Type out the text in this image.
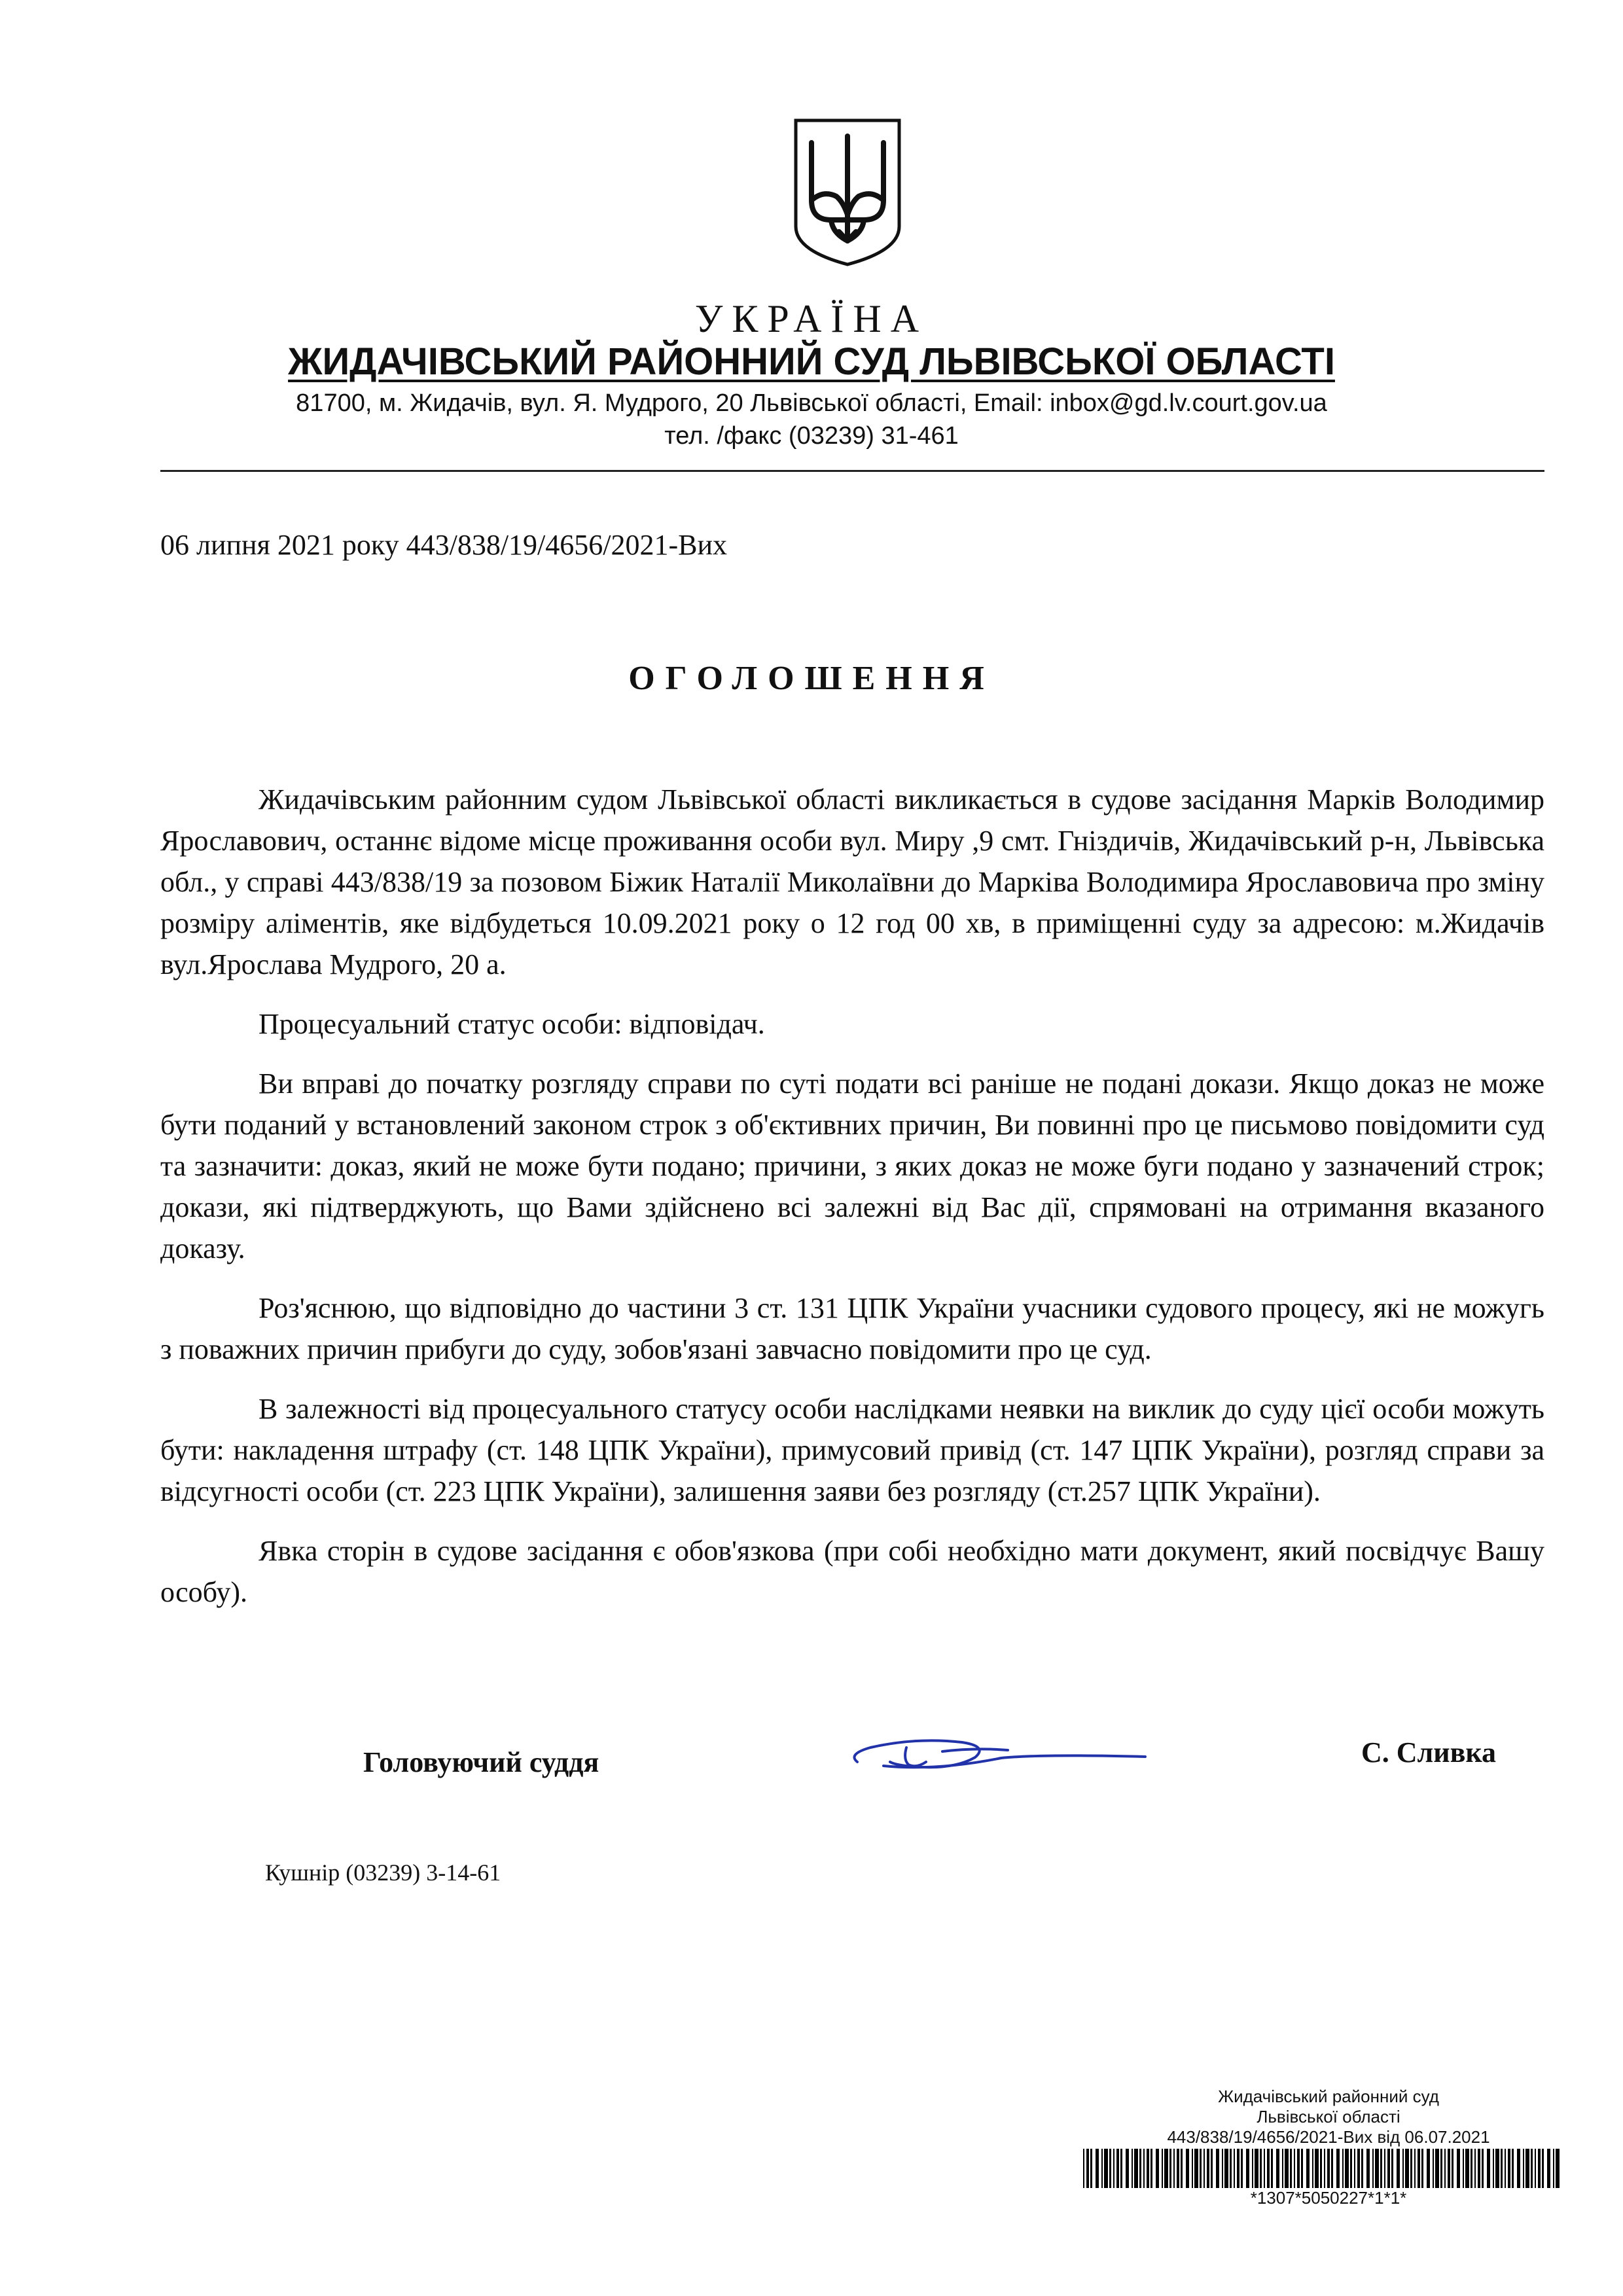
УКРАЇНА
ЖИДАЧІВСЬКИЙ РАЙОННИЙ СУД ЛЬВІВСЬКОЇ ОБЛАСТІ
81700, м. Жидачів, вул. Я. Мудрого, 20 Львівської області, Email: inbox@gd.lv.court.gov.ua
тел. /факс (03239) 31-461
06 липня 2021 року 443/838/19/4656/2021-Вих
ОГОЛОШЕННЯ

Жидачівським районним судом Львівської області викликається в судове засідання Марків Володимир Ярославович, останнє відоме місце проживання особи вул. Миру ,9 смт. Гніздичів, Жидачівський р-н, Львівська обл., у справі 443/838/19 за позовом Біжик Наталії Миколаївни до Марківа Володимира Ярославовича про зміну розміру аліментів, яке відбудеться 10.09.2021 року о 12 год 00 хв, в приміщенні суду за адресою: м.Жидачів вул.Ярослава Мудрого, 20 а.

Процесуальний статус особи: відповідач.

Ви вправі до початку розгляду справи по суті подати всі раніше не подані докази. Якщо доказ не може бути поданий у встановлений законом строк з об'єктивних причин, Ви повинні про це письмово повідомити суд та зазначити: доказ, який не може бути подано; причини, з яких доказ не може буги подано у зазначений строк; докази, які підтверджують, що Вами здійснено всі залежні від Вас дії, спрямовані на отримання вказаного доказу.

Роз'яснюю, що відповідно до частини 3 ст. 131 ЦПК України учасники судового процесу, які не можугь з поважних причин прибуги до суду, зобов'язані завчасно повідомити про це суд.

В залежності від процесуального статусу особи наслідками неявки на виклик до суду цієї особи можуть бути: накладення штрафу (ст. 148 ЦПК України), примусовий привід (ст. 147 ЦПК України), розгляд справи за відсугності особи (ст. 223 ЦПК України), залишення заяви без розгляду (ст.257 ЦПК України).

Явка сторін в судове засідання є обов'язкова (при собі необхідно мати документ, який посвідчує Вашу особу).

Головуючий суддя	С. Сливка
Кушнір (03239) 3-14-61
Жидачівський районний суд
Львівської області
443/838/19/4656/2021-Вих від 06.07.2021
*1307*5050227*1*1*
